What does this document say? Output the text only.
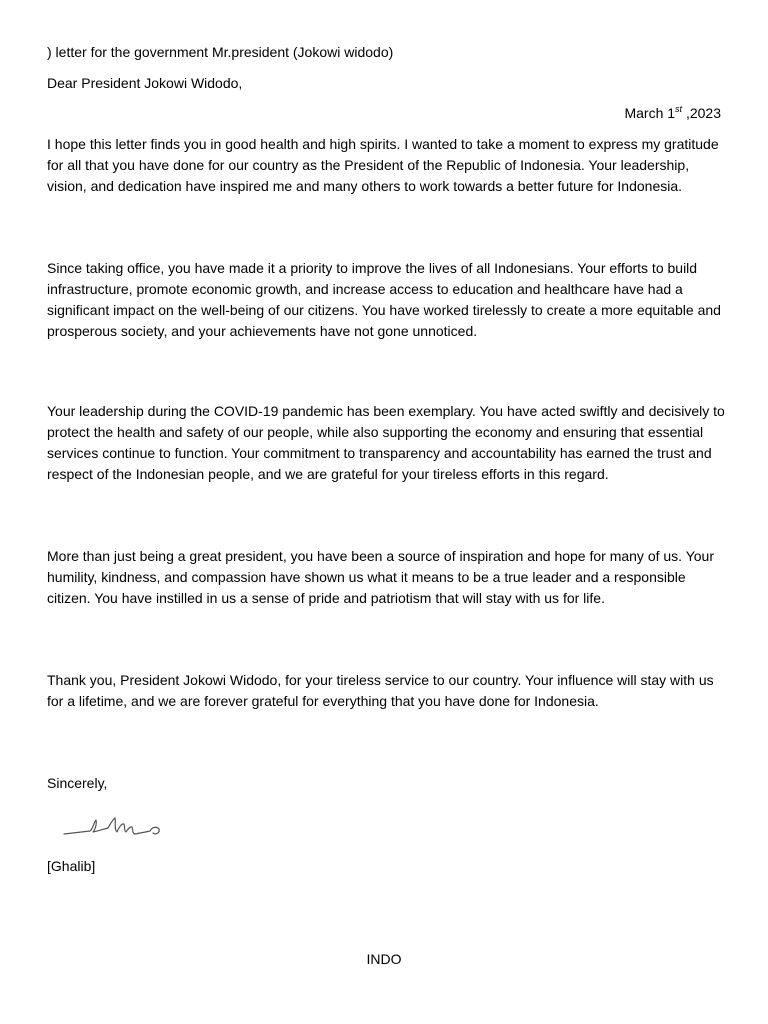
) letter for the government Mr.president (Jokowi widodo)
Dear President Jokowi Widodo,
March 1st ,2023

I hope this letter finds you in good health and high spirits. I wanted to take a moment to express my gratitude for all that you have done for our country as the President of the Republic of Indonesia. Your leadership, vision, and dedication have inspired me and many others to work towards a better future for Indonesia.

Since taking office, you have made it a priority to improve the lives of all Indonesians. Your efforts to build infrastructure, promote economic growth, and increase access to education and healthcare have had a significant impact on the well-being of our citizens. You have worked tirelessly to create a more equitable and prosperous society, and your achievements have not gone unnoticed.

Your leadership during the COVID-19 pandemic has been exemplary. You have acted swiftly and decisively to protect the health and safety of our people, while also supporting the economy and ensuring that essential services continue to function. Your commitment to transparency and accountability has earned the trust and respect of the Indonesian people, and we are grateful for your tireless efforts in this regard.

More than just being a great president, you have been a source of inspiration and hope for many of us. Your humility, kindness, and compassion have shown us what it means to be a true leader and a responsible citizen. You have instilled in us a sense of pride and patriotism that will stay with us for life.

Thank you, President Jokowi Widodo, for your tireless service to our country. Your influence will stay with us for a lifetime, and we are forever grateful for everything that you have done for Indonesia.

Sincerely,
[Ghalib]
INDO
